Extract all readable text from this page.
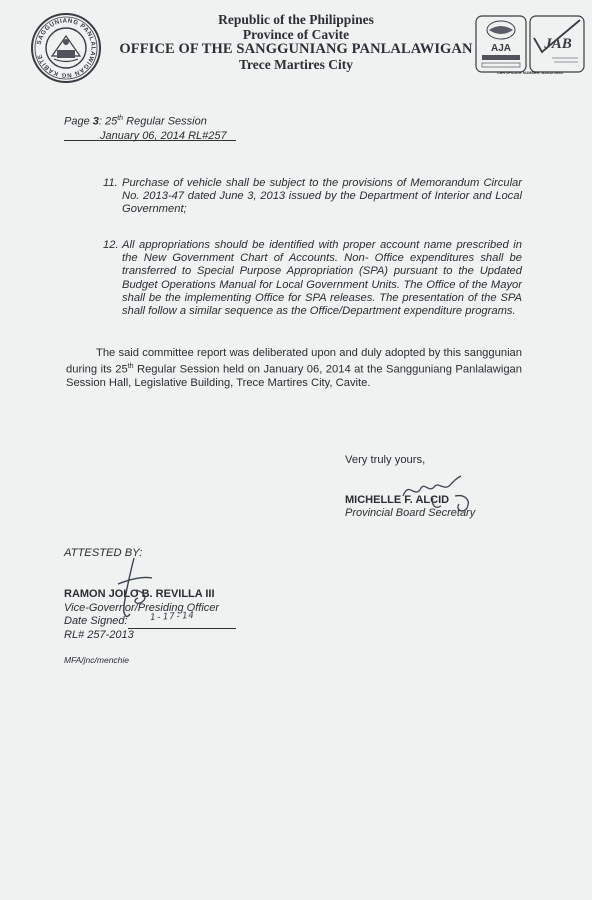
SAGGUNIANG PANLALAWIGAN NG KABITE
Republic of the Philippines
Province of Cavite
OFFICE OF THE SANGGUNIANG PANLALAWIGAN
Trece Martires City
AJA JAB
CERTIFICATE NUMBER: AJA12-0635
Page 3: 25th Regular Session
January 06, 2014 RL#257
11. Purchase of vehicle shall be subject to the provisions of Memorandum Circular No. 2013-47 dated June 3, 2013 issued by the Department of Interior and Local Government;
12. All appropriations should be identified with proper account name prescribed in the New Government Chart of Accounts. Non- Office expenditures shall be transferred to Special Purpose Appropriation (SPA) pursuant to the Updated Budget Operations Manual for Local Government Units. The Office of the Mayor shall be the implementing Office for SPA releases. The presentation of the SPA shall follow a similar sequence as the Office/Department expenditure programs.
The said committee report was deliberated upon and duly adopted by this sanggunian during its 25th Regular Session held on January 06, 2014 at the Sangguniang Panlalawigan Session Hall, Legislative Building, Trece Martires City, Cavite.
Very truly yours,
MICHELLE F. ALCID
Provincial Board Secretary
ATTESTED BY:
RAMON JOLO B. REVILLA III
Vice-Governor/Presiding Officer
Date Signed: 1-17-14
RL# 257-2013
MFA/jnc/menchie
